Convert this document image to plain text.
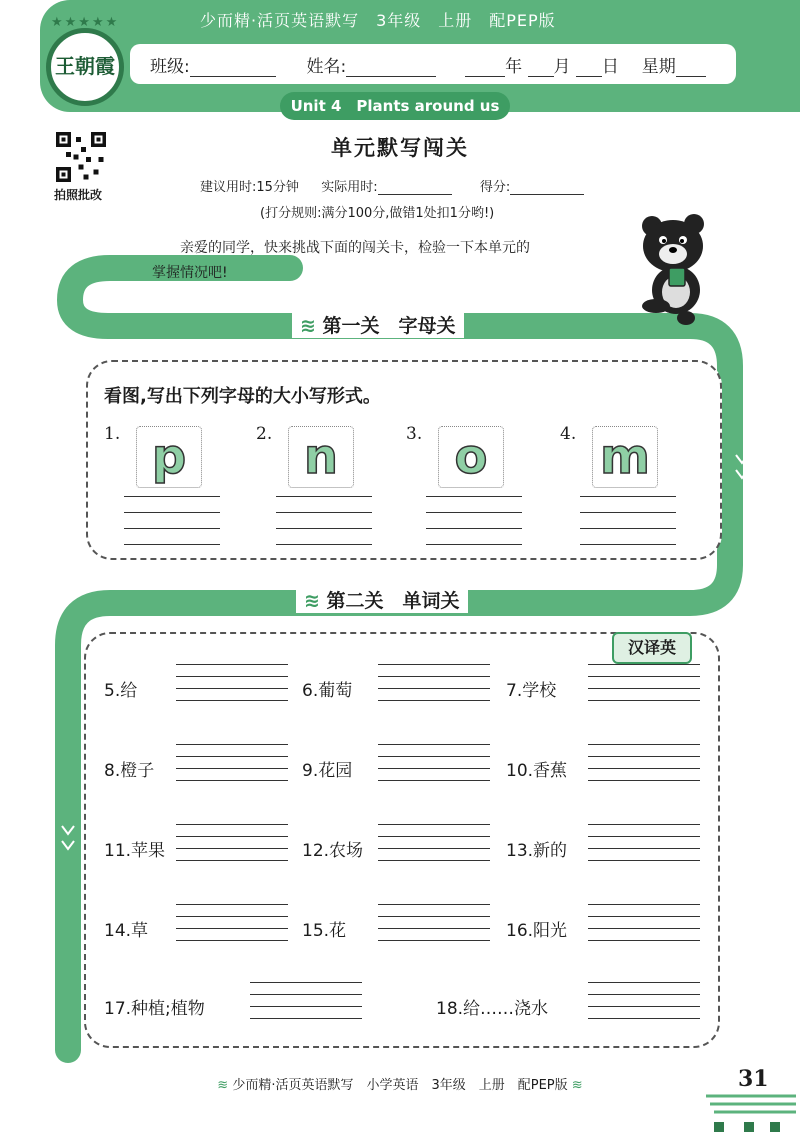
少而精·活页英语默写　3年级　上册　配PEP版
班级:	姓名:	年 月 日 星期
Unit 4　Plants around us
★★★★★
王朝霞
拍照批改
单元默写闯关
建议用时:15分钟 实际用时:	得分:
(打分规则:满分100分,做错1处扣1分哟!)
亲爱的同学，快来挑战下面的闯关卡，检验一下本单元的
掌握情况吧!
≋ 第一关　字母关
看图,写出下列字母的大小写形式。
1. p	2. n	3. o	4. m
≋ 第二关　单词关
汉译英
5.给	6.葡萄	7.学校
8.橙子	9.花园	10.香蕉
11.苹果	12.农场	13.新的
14.草	15.花	16.阳光
17.种植;植物	18.给……浇水
≋ 少而精·活页英语默写　小学英语　3年级　上册　配PEP版 ≋	31
